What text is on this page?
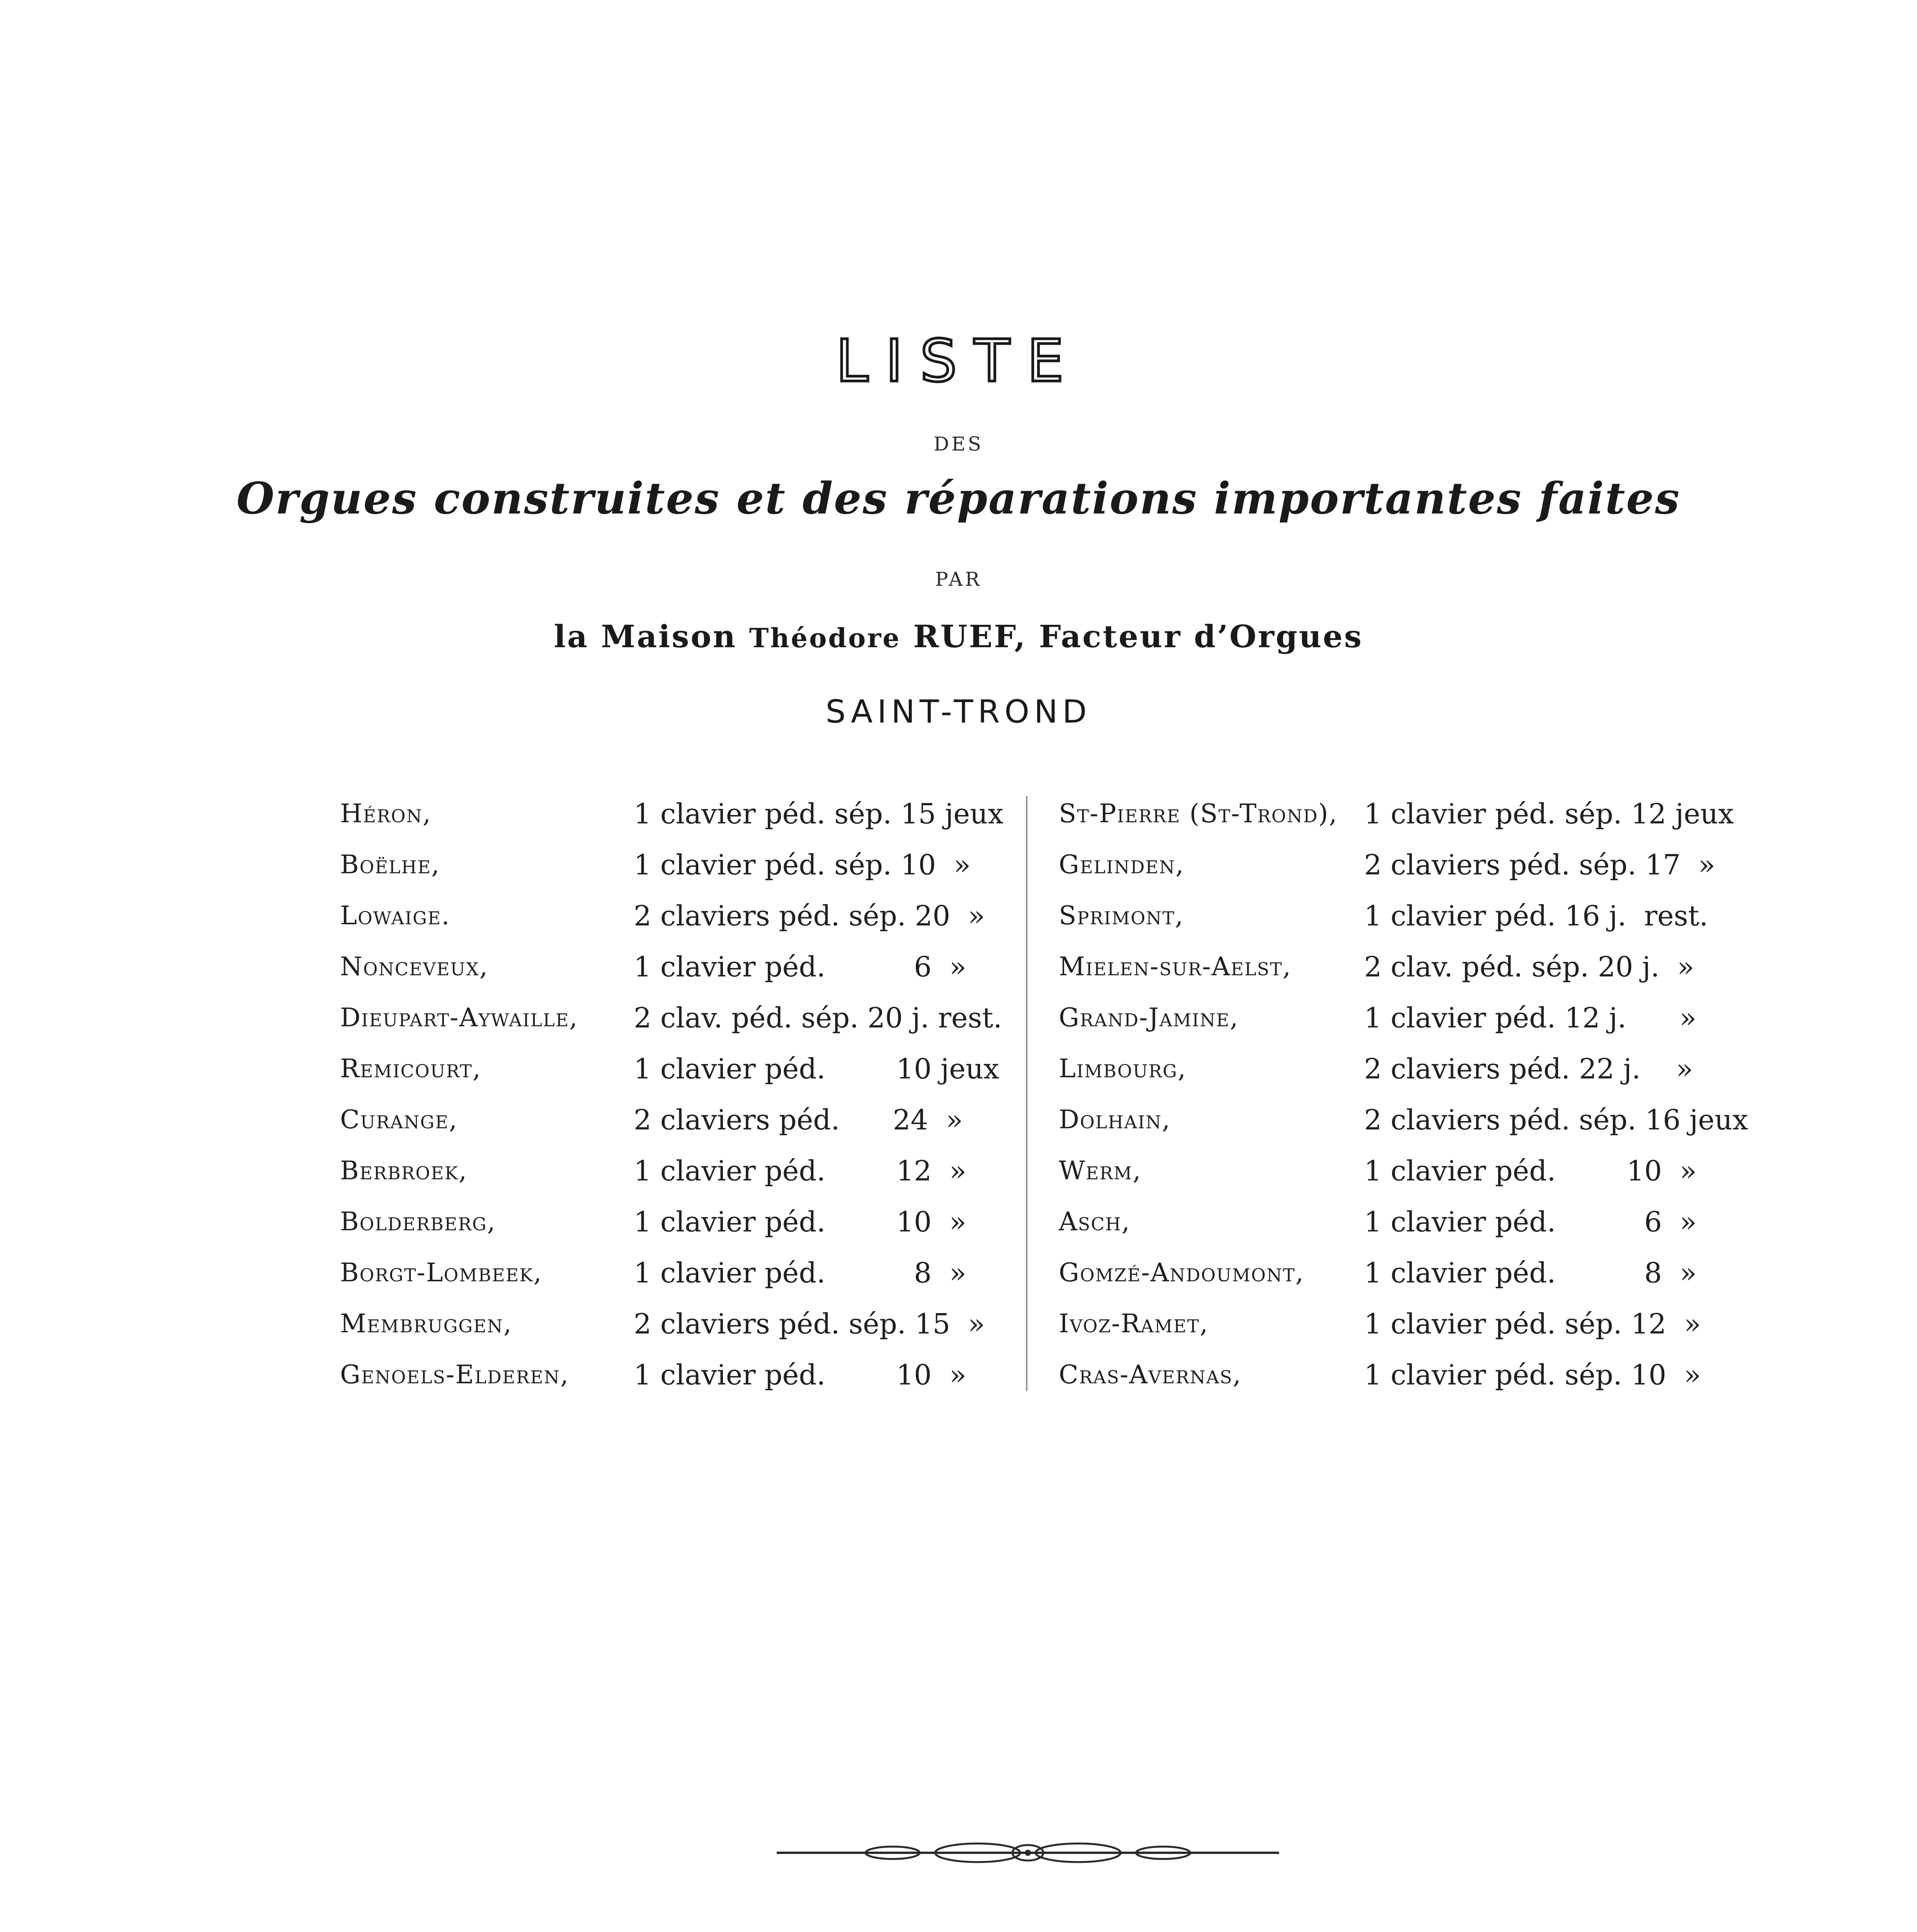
LISTE
DES
Orgues construites et des réparations importantes faites
PAR
la Maison Théodore RUEF, Facteur d’Orgues
SAINT-TROND
Héron,	1 clavier péd. sép. 15 jeux
Boëlhe,	1 clavier péd. sép. 10  »
Lowaige.	2 claviers péd. sép. 20  »
Nonceveux,	1 clavier péd.          6  »
Dieupart-Aywaille, 2 clav. péd. sép. 20 j. rest.
Remicourt,	1 clavier péd.        10 jeux
Curange,	2 claviers péd.      24  »
Berbroek,	1 clavier péd.        12  »
Bolderberg,	1 clavier péd.        10  »
Borgt-Lombeek,	1 clavier péd.          8  »
Membruggen,	2 claviers péd. sép. 15  »
Genoels-Elderen, 1 clavier péd.        10  »
St-Pierre (St-Trond), 1 clavier péd. sép. 12 jeux
Gelinden,	2 claviers péd. sép. 17  »
Sprimont,	1 clavier péd. 16 j.  rest.
Mielen-sur-Aelst,	2 clav. péd. sép. 20 j.  »
Grand-Jamine,	1 clavier péd. 12 j.      »
Limbourg,	2 claviers péd. 22 j.    »
Dolhain,	2 claviers péd. sép. 16 jeux
Werm,	1 clavier péd.        10  »
Asch,	1 clavier péd.          6  »
Gomzé-Andoumont, 1 clavier péd.          8  »
Ivoz-Ramet,	1 clavier péd. sép. 12  »
Cras-Avernas,	1 clavier péd. sép. 10  »
